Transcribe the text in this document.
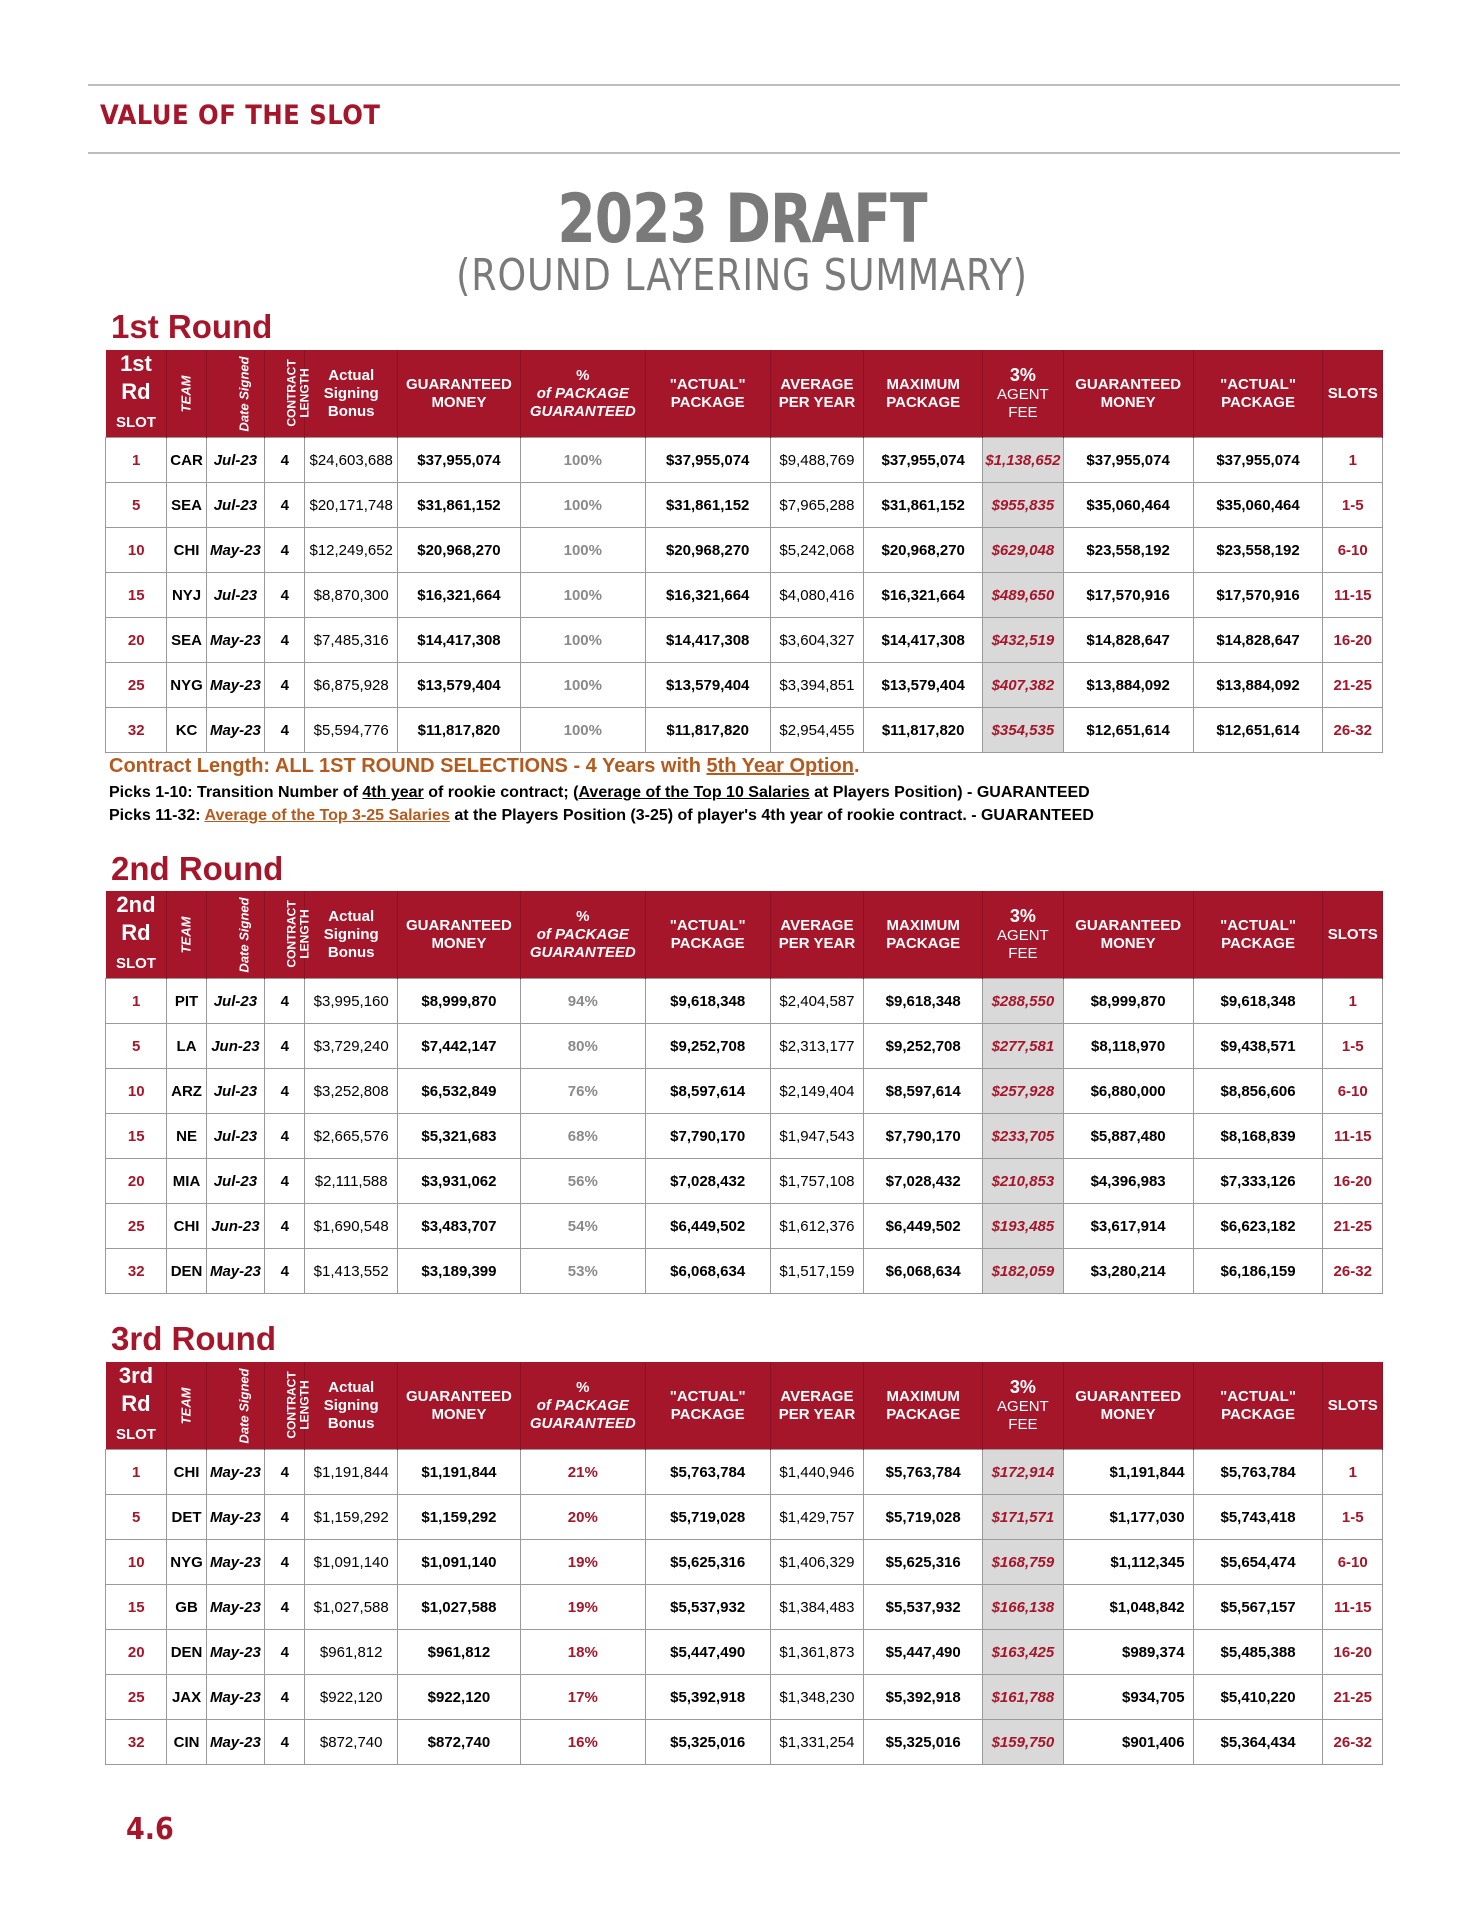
VALUE OF THE SLOT
2023 DRAFT
(ROUND LAYERING SUMMARY)
1st Round
1st
Rd
SLOT	TEAM	Date Signed	CONTRACT
LENGTH	Actual
Signing
Bonus	GUARANTEED
MONEY	%
of PACKAGE
GUARANTEED	"ACTUAL"
PACKAGE	AVERAGE
PER YEAR	MAXIMUM
PACKAGE	3%
AGENT
FEE	GUARANTEED
MONEY	"ACTUAL"
PACKAGE	SLOTS
1	CAR	Jul-23	4	$24,603,688	$37,955,074	100%	$37,955,074	$9,488,769	$37,955,074	$1,138,652	$37,955,074	$37,955,074	1
5	SEA	Jul-23	4	$20,171,748	$31,861,152	100%	$31,861,152	$7,965,288	$31,861,152	$955,835	$35,060,464	$35,060,464	1-5
10	CHI	May-23	4	$12,249,652	$20,968,270	100%	$20,968,270	$5,242,068	$20,968,270	$629,048	$23,558,192	$23,558,192	6-10
15	NYJ	Jul-23	4	$8,870,300	$16,321,664	100%	$16,321,664	$4,080,416	$16,321,664	$489,650	$17,570,916	$17,570,916	11-15
20	SEA	May-23	4	$7,485,316	$14,417,308	100%	$14,417,308	$3,604,327	$14,417,308	$432,519	$14,828,647	$14,828,647	16-20
25	NYG	May-23	4	$6,875,928	$13,579,404	100%	$13,579,404	$3,394,851	$13,579,404	$407,382	$13,884,092	$13,884,092	21-25
32	KC	May-23	4	$5,594,776	$11,817,820	100%	$11,817,820	$2,954,455	$11,817,820	$354,535	$12,651,614	$12,651,614	26-32
Contract Length: ALL 1ST ROUND SELECTIONS - 4 Years with 5th Year Option.
Picks 1-10: Transition Number of 4th year of rookie contract; (Average of the Top 10 Salaries at Players Position) - GUARANTEED
Picks 11-32: Average of the Top 3-25 Salaries at the Players Position (3-25) of player's 4th year of rookie contract. - GUARANTEED
2nd Round
2nd
Rd
SLOT	TEAM	Date Signed	CONTRACT
LENGTH	Actual
Signing
Bonus	GUARANTEED
MONEY	%
of PACKAGE
GUARANTEED	"ACTUAL"
PACKAGE	AVERAGE
PER YEAR	MAXIMUM
PACKAGE	3%
AGENT
FEE	GUARANTEED
MONEY	"ACTUAL"
PACKAGE	SLOTS
1	PIT	Jul-23	4	$3,995,160	$8,999,870	94%	$9,618,348	$2,404,587	$9,618,348	$288,550	$8,999,870	$9,618,348	1
5	LA	Jun-23	4	$3,729,240	$7,442,147	80%	$9,252,708	$2,313,177	$9,252,708	$277,581	$8,118,970	$9,438,571	1-5
10	ARZ	Jul-23	4	$3,252,808	$6,532,849	76%	$8,597,614	$2,149,404	$8,597,614	$257,928	$6,880,000	$8,856,606	6-10
15	NE	Jul-23	4	$2,665,576	$5,321,683	68%	$7,790,170	$1,947,543	$7,790,170	$233,705	$5,887,480	$8,168,839	11-15
20	MIA	Jul-23	4	$2,111,588	$3,931,062	56%	$7,028,432	$1,757,108	$7,028,432	$210,853	$4,396,983	$7,333,126	16-20
25	CHI	Jun-23	4	$1,690,548	$3,483,707	54%	$6,449,502	$1,612,376	$6,449,502	$193,485	$3,617,914	$6,623,182	21-25
32	DEN	May-23	4	$1,413,552	$3,189,399	53%	$6,068,634	$1,517,159	$6,068,634	$182,059	$3,280,214	$6,186,159	26-32
3rd Round
3rd
Rd
SLOT	TEAM	Date Signed	CONTRACT
LENGTH	Actual
Signing
Bonus	GUARANTEED
MONEY	%
of PACKAGE
GUARANTEED	"ACTUAL"
PACKAGE	AVERAGE
PER YEAR	MAXIMUM
PACKAGE	3%
AGENT
FEE	GUARANTEED
MONEY	"ACTUAL"
PACKAGE	SLOTS
1	CHI	May-23	4	$1,191,844	$1,191,844	21%	$5,763,784	$1,440,946	$5,763,784	$172,914	$1,191,844	$5,763,784	1
5	DET	May-23	4	$1,159,292	$1,159,292	20%	$5,719,028	$1,429,757	$5,719,028	$171,571	$1,177,030	$5,743,418	1-5
10	NYG	May-23	4	$1,091,140	$1,091,140	19%	$5,625,316	$1,406,329	$5,625,316	$168,759	$1,112,345	$5,654,474	6-10
15	GB	May-23	4	$1,027,588	$1,027,588	19%	$5,537,932	$1,384,483	$5,537,932	$166,138	$1,048,842	$5,567,157	11-15
20	DEN	May-23	4	$961,812	$961,812	18%	$5,447,490	$1,361,873	$5,447,490	$163,425	$989,374	$5,485,388	16-20
25	JAX	May-23	4	$922,120	$922,120	17%	$5,392,918	$1,348,230	$5,392,918	$161,788	$934,705	$5,410,220	21-25
32	CIN	May-23	4	$872,740	$872,740	16%	$5,325,016	$1,331,254	$5,325,016	$159,750	$901,406	$5,364,434	26-32
4.6
